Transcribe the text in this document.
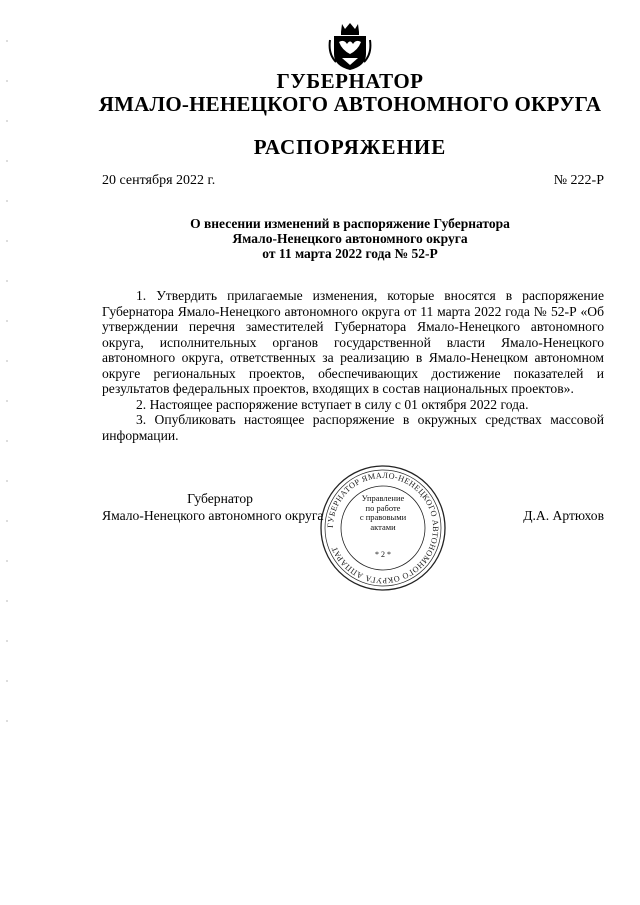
ГУБЕРНАТОР
ЯМАЛО-НЕНЕЦКОГО АВТОНОМНОГО ОКРУГА
РАСПОРЯЖЕНИЕ
20 сентября 2022 г.	№ 222-Р
О внесении изменений в распоряжение Губернатора
Ямало-Ненецкого автономного округа
от 11 марта 2022 года № 52-Р

1. Утвердить прилагаемые изменения, которые вносятся в распоряжение Губернатора Ямало-Ненецкого автономного округа от 11 марта 2022 года № 52-Р «Об утверждении перечня заместителей Губернатора Ямало-Ненецкого автономного округа, исполнительных органов государственной власти Ямало-Ненецкого автономного округа, ответственных за реализацию в Ямало-Ненецком автономном округе региональных проектов, обеспечивающих достижение показателей и результатов федеральных проектов, входящих в состав национальных проектов».

2. Настоящее распоряжение вступает в силу с 01 октября 2022 года.

3. Опубликовать настоящее распоряжение в окружных средствах массовой информации.

ГУБЕРНАТОР ЯМАЛО-НЕНЕЦКОГО АВТОНОМНОГО ОКРУГА АППАРАТ
Управление
по работе
с правовыми
актами
* 2 *
Губернатор
Ямало-Ненецкого автономного округа	Д.А. Артюхов
